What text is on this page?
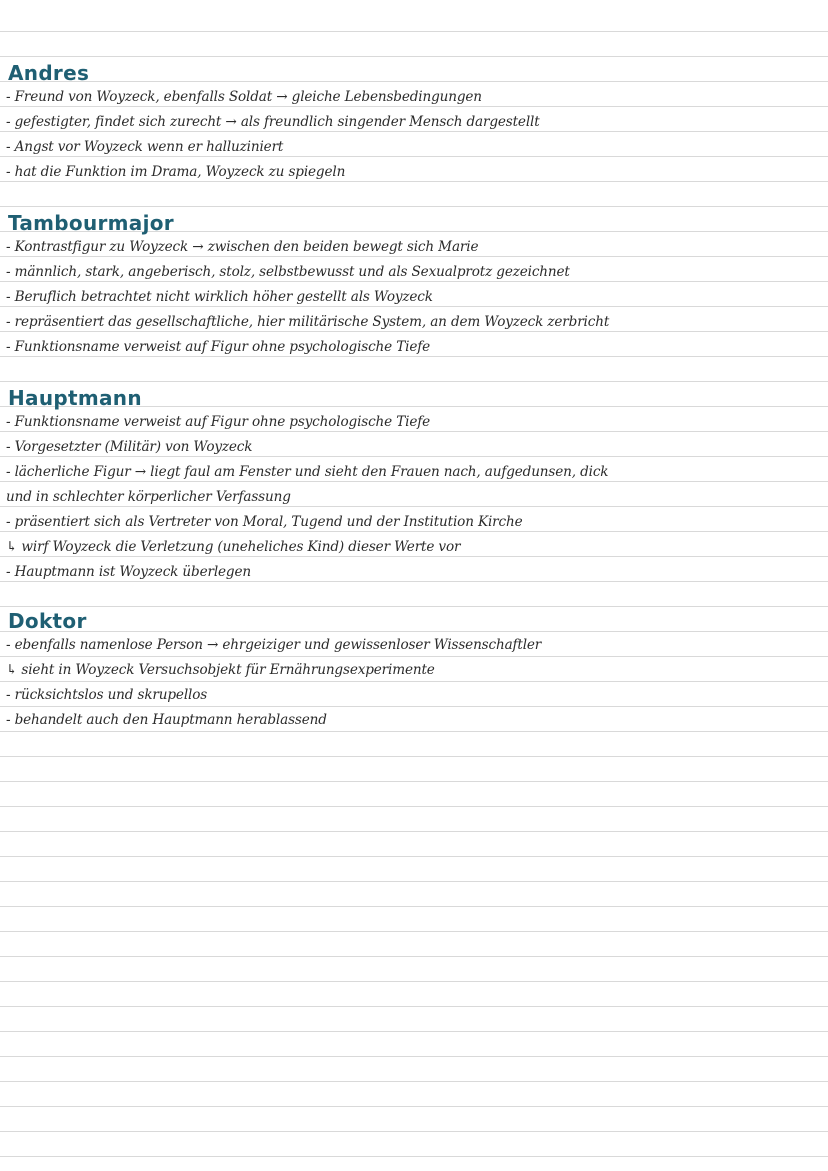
Andres
- Freund von Woyzeck, ebenfalls Soldat → gleiche Lebensbedingungen
- gefestigter, findet sich zurecht → als freundlich singender Mensch dargestellt
- Angst vor Woyzeck wenn er halluziniert
- hat die Funktion im Drama, Woyzeck zu spiegeln
Tambourmajor
- Kontrastfigur zu Woyzeck → zwischen den beiden bewegt sich Marie
- männlich, stark, angeberisch, stolz, selbstbewusst und als Sexualprotz gezeichnet
- Beruflich betrachtet nicht wirklich höher gestellt als Woyzeck
- repräsentiert das gesellschaftliche, hier militärische System, an dem Woyzeck zerbricht
- Funktionsname verweist auf Figur ohne psychologische Tiefe
Hauptmann
- Funktionsname verweist auf Figur ohne psychologische Tiefe
- Vorgesetzter (Militär) von Woyzeck
- lächerliche Figur → liegt faul am Fenster und sieht den Frauen nach, aufgedunsen, dick
und in schlechter körperlicher Verfassung
- präsentiert sich als Vertreter von Moral, Tugend und der Institution Kirche
↳ wirf Woyzeck die Verletzung (uneheliches Kind) dieser Werte vor
- Hauptmann ist Woyzeck überlegen
Doktor
- ebenfalls namenlose Person → ehrgeiziger und gewissenloser Wissenschaftler
↳ sieht in Woyzeck Versuchsobjekt für Ernährungsexperimente
- rücksichtslos und skrupellos
- behandelt auch den Hauptmann herablassend
